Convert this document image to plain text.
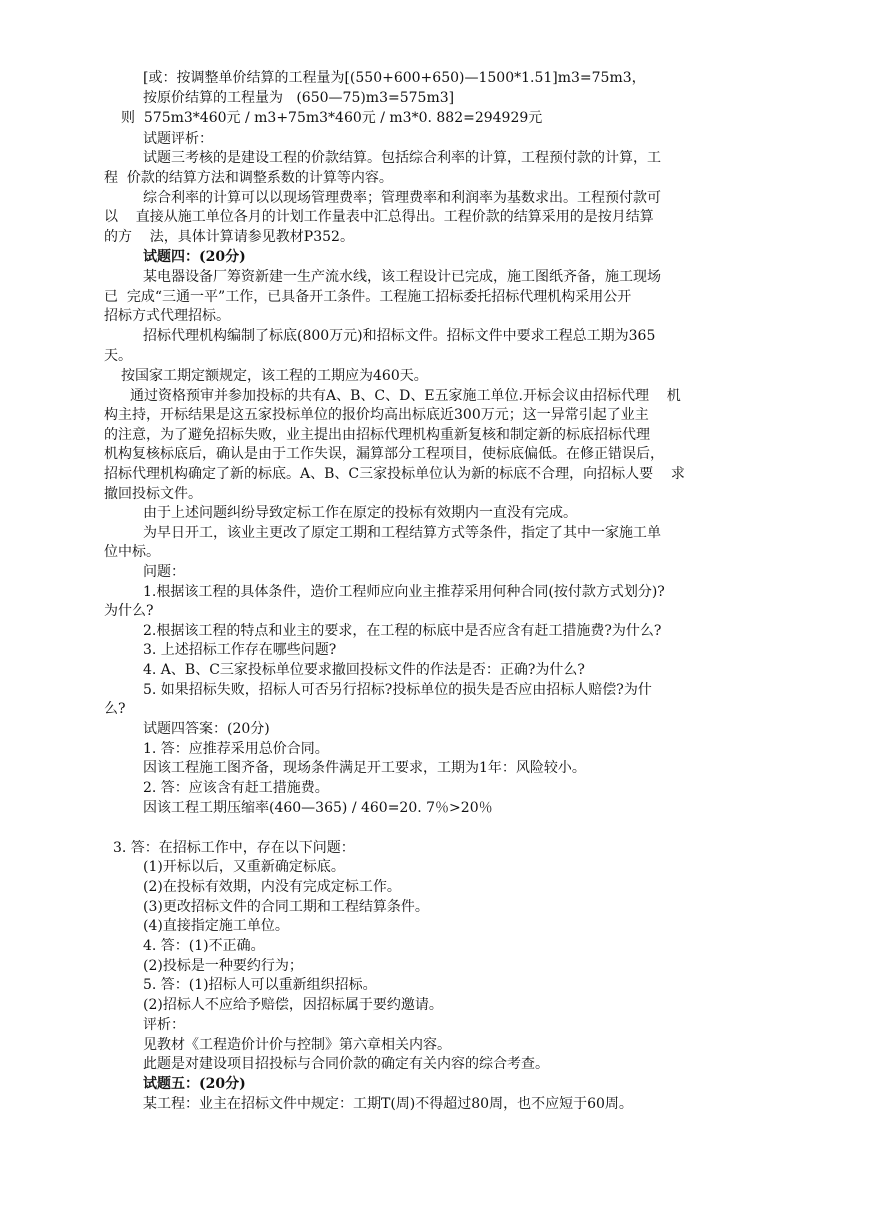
[或：按调整单价结算的工程量为[(550+600+650)—1500*1.51]m3=75m3，
按原价结算的工程量为   (650—75)m3=575m3]
则  575m3*460元 / m3+75m3*460元 / m3*0. 882=294929元
试题评析：
试题三考核的是建设工程的价款结算。包括综合利率的计算，工程预付款的计算，工
程  价款的结算方法和调整系数的计算等内容。
综合利率的计算可以以现场管理费率；管理费率和利润率为基数求出。工程预付款可
以    直接从施工单位各月的计划工作量表中汇总得出。工程价款的结算采用的是按月结算
的方    法，具体计算请参见教材P352。
试题四：(20分)
某电器设备厂筹资新建一生产流水线，该工程设计已完成，施工图纸齐备，施工现场
已  完成“三通一平”工作，已具备开工条件。工程施工招标委托招标代理机构采用公开
招标方式代理招标。
招标代理机构编制了标底(800万元)和招标文件。招标文件中要求工程总工期为365
天。
按国家工期定额规定，该工程的工期应为460天。
通过资格预审并参加投标的共有A、B、C、D、E五家施工单位.开标会议由招标代理    机
构主持，开标结果是这五家投标单位的报价均高出标底近300万元；这一异常引起了业主
的注意，为了避免招标失败，业主提出由招标代理机构重新复核和制定新的标底招标代理
机构复核标底后，确认是由于工作失误，漏算部分工程项目，使标底偏低。在修正错误后，
招标代理机构确定了新的标底。A、B、C三家投标单位认为新的标底不合理，向招标人要    求
撤回投标文件。
由于上述问题纠纷导致定标工作在原定的投标有效期内一直没有完成。
为早日开工，该业主更改了原定工期和工程结算方式等条件，指定了其中一家施工单
位中标。
问题：
1.根据该工程的具体条件，造价工程师应向业主推荐采用何种合同(按付款方式划分)?
为什么?
2.根据该工程的特点和业主的要求，在工程的标底中是否应含有赶工措施费?为什么?
3. 上述招标工作存在哪些问题?
4. A、B、C三家投标单位要求撤回投标文件的作法是否：正确?为什么?
5. 如果招标失败，招标人可否另行招标?投标单位的损失是否应由招标人赔偿?为什
么?
试题四答案：(20分)
1. 答：应推荐采用总价合同。
因该工程施工图齐备，现场条件满足开工要求，工期为1年：风险较小。
2. 答：应该含有赶工措施费。
因该工程工期压缩率(460—365) / 460=20. 7％>20％
3. 答：在招标工作中，存在以下问题：
(1)开标以后，又重新确定标底。
(2)在投标有效期，内没有完成定标工作。
(3)更改招标文件的合同工期和工程结算条件。
(4)直接指定施工单位。
4. 答：(1)不正确。
(2)投标是一种要约行为；
5. 答：(1)招标人可以重新组织招标。
(2)招标人不应给予赔偿，因招标属于要约邀请。
评析：
见教材《工程造价计价与控制》第六章相关内容。
此题是对建设项目招投标与合同价款的确定有关内容的综合考查。
试题五：(20分)
某工程：业主在招标文件中规定：工期T(周)不得超过80周，也不应短于60周。
